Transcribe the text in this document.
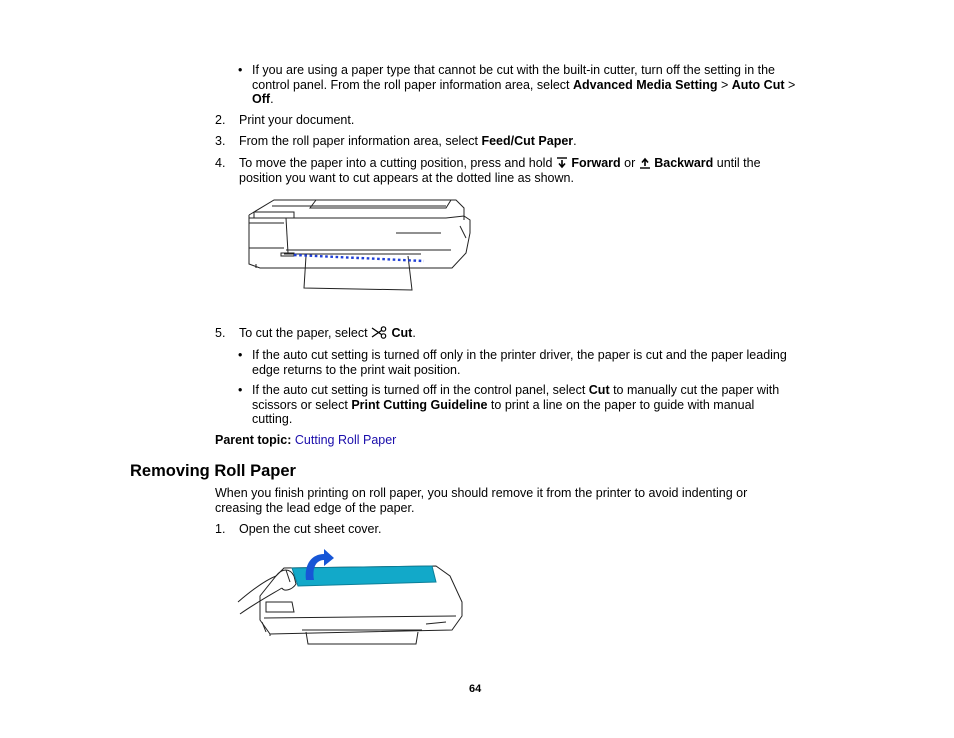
• If you are using a paper type that cannot be cut with the built-in cutter, turn off the setting in the
control panel. From the roll paper information area, select Advanced Media Setting > Auto Cut >
Off.
2. Print your document.
3. From the roll paper information area, select Feed/Cut Paper.
4. To move the paper into a cutting position, press and hold  Forward or  Backward until the
position you want to cut appears at the dotted line as shown.
5. To cut the paper, select  Cut.
• If the auto cut setting is turned off only in the printer driver, the paper is cut and the paper leading
edge returns to the print wait position.
• If the auto cut setting is turned off in the control panel, select Cut to manually cut the paper with
scissors or select Print Cutting Guideline to print a line on the paper to guide with manual
cutting.
Parent topic: Cutting Roll Paper
Removing Roll Paper
When you finish printing on roll paper, you should remove it from the printer to avoid indenting or
creasing the lead edge of the paper.
1. Open the cut sheet cover.
64
